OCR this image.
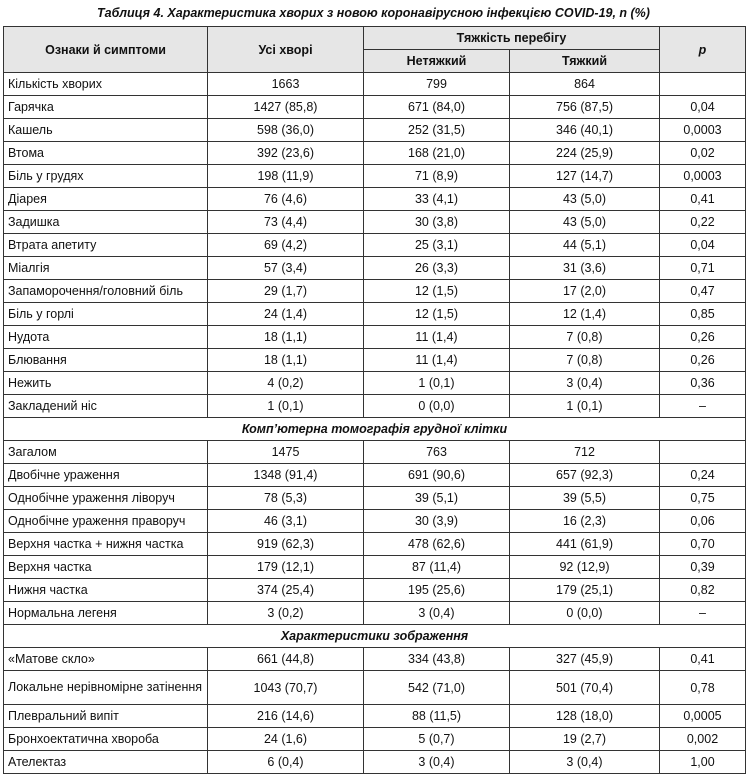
Таблиця 4. Характеристика хворих з новою коронавірусною інфекцією COVID-19, n (%)
Ознаки й симптоми	Усі хворі	Тяжкість перебігу		p
		Нетяжкий	Тяжкий	
Кількість хворих	1663	799	864	
Гарячка	1427 (85,8)	671 (84,0)	756 (87,5)	0,04
Кашель	598 (36,0)	252 (31,5)	346 (40,1)	0,0003
Втома	392 (23,6)	168 (21,0)	224 (25,9)	0,02
Біль у грудях	198 (11,9)	71 (8,9)	127 (14,7)	0,0003
Діарея	76 (4,6)	33 (4,1)	43 (5,0)	0,41
Задишка	73 (4,4)	30 (3,8)	43 (5,0)	0,22
Втрата апетиту	69 (4,2)	25 (3,1)	44 (5,1)	0,04
Міалгія	57 (3,4)	26 (3,3)	31 (3,6)	0,71
Запаморочення/головний біль	29 (1,7)	12 (1,5)	17 (2,0)	0,47
Біль у горлі	24 (1,4)	12 (1,5)	12 (1,4)	0,85
Нудота	18 (1,1)	11 (1,4)	7 (0,8)	0,26
Блювання	18 (1,1)	11 (1,4)	7 (0,8)	0,26
Нежить	4 (0,2)	1 (0,1)	3 (0,4)	0,36
Закладений ніс	1 (0,1)	0 (0,0)	1 (0,1)	–
Комп’ютерна томографія грудної клітки				
Загалом	1475	763	712	
Двобічне ураження	1348 (91,4)	691 (90,6)	657 (92,3)	0,24
Однобічне ураження ліворуч	78 (5,3)	39 (5,1)	39 (5,5)	0,75
Однобічне ураження праворуч	46 (3,1)	30 (3,9)	16 (2,3)	0,06
Верхня частка + нижня частка	919 (62,3)	478 (62,6)	441 (61,9)	0,70
Верхня частка	179 (12,1)	87 (11,4)	92 (12,9)	0,39
Нижня частка	374 (25,4)	195 (25,6)	179 (25,1)	0,82
Нормальна легеня	3 (0,2)	3 (0,4)	0 (0,0)	–
Характеристики зображення				
«Матове скло»	661 (44,8)	334 (43,8)	327 (45,9)	0,41
Локальне нерівномірне затінення	1043 (70,7)	542 (71,0)	501 (70,4)	0,78
Плевральний випіт	216 (14,6)	88 (11,5)	128 (18,0)	0,0005
Бронхоектатична хвороба	24 (1,6)	5 (0,7)	19 (2,7)	0,002
Ателектаз	6 (0,4)	3 (0,4)	3 (0,4)	1,00
